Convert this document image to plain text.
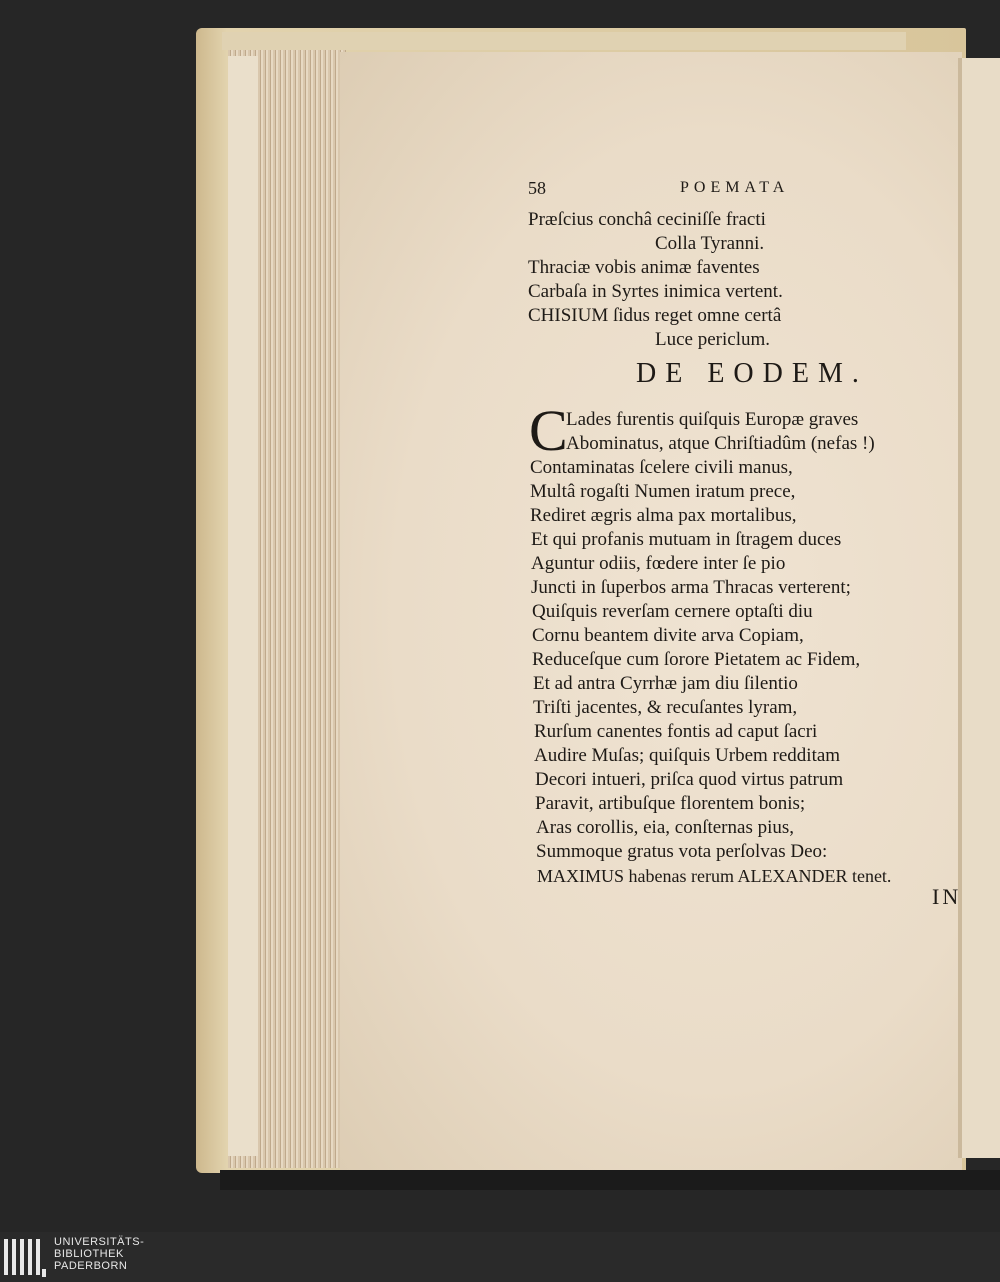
58	POEMATA
Præſcius conchâ ceciniſſe fracti
Colla Tyranni.
Thraciæ vobis animæ faventes
Carbaſa in Syrtes inimica vertent.
CHISIUM ſidus reget omne certâ
Luce periclum.
DE EODEM.
C
Lades furentis quiſquis Europæ graves
Abominatus, atque Chriſtiadûm (nefas !)
Contaminatas ſcelere civili manus,
Multâ rogaſti Numen iratum prece,
Rediret ægris alma pax mortalibus,
Et qui profanis mutuam in ſtragem duces
Aguntur odiis, fœdere inter ſe pio
Juncti in ſuperbos arma Thracas verterent;
Quiſquis reverſam cernere optaſti diu
Cornu beantem divite arva Copiam,
Reduceſque cum ſorore Pietatem ac Fidem,
Et ad antra Cyrrhæ jam diu ſilentio
Triſti jacentes, & recuſantes lyram,
Rurſum canentes fontis ad caput ſacri
Audire Muſas; quiſquis Urbem redditam
Decori intueri, priſca quod virtus patrum
Paravit, artibuſque florentem bonis;
Aras corollis, eia, conſternas pius,
Summoque gratus vota perſolvas Deo:
MAXIMUS habenas rerum ALEXANDER tenet.
IN
UNIVERSITÄTS-
BIBLIOTHEK
PADERBORN
